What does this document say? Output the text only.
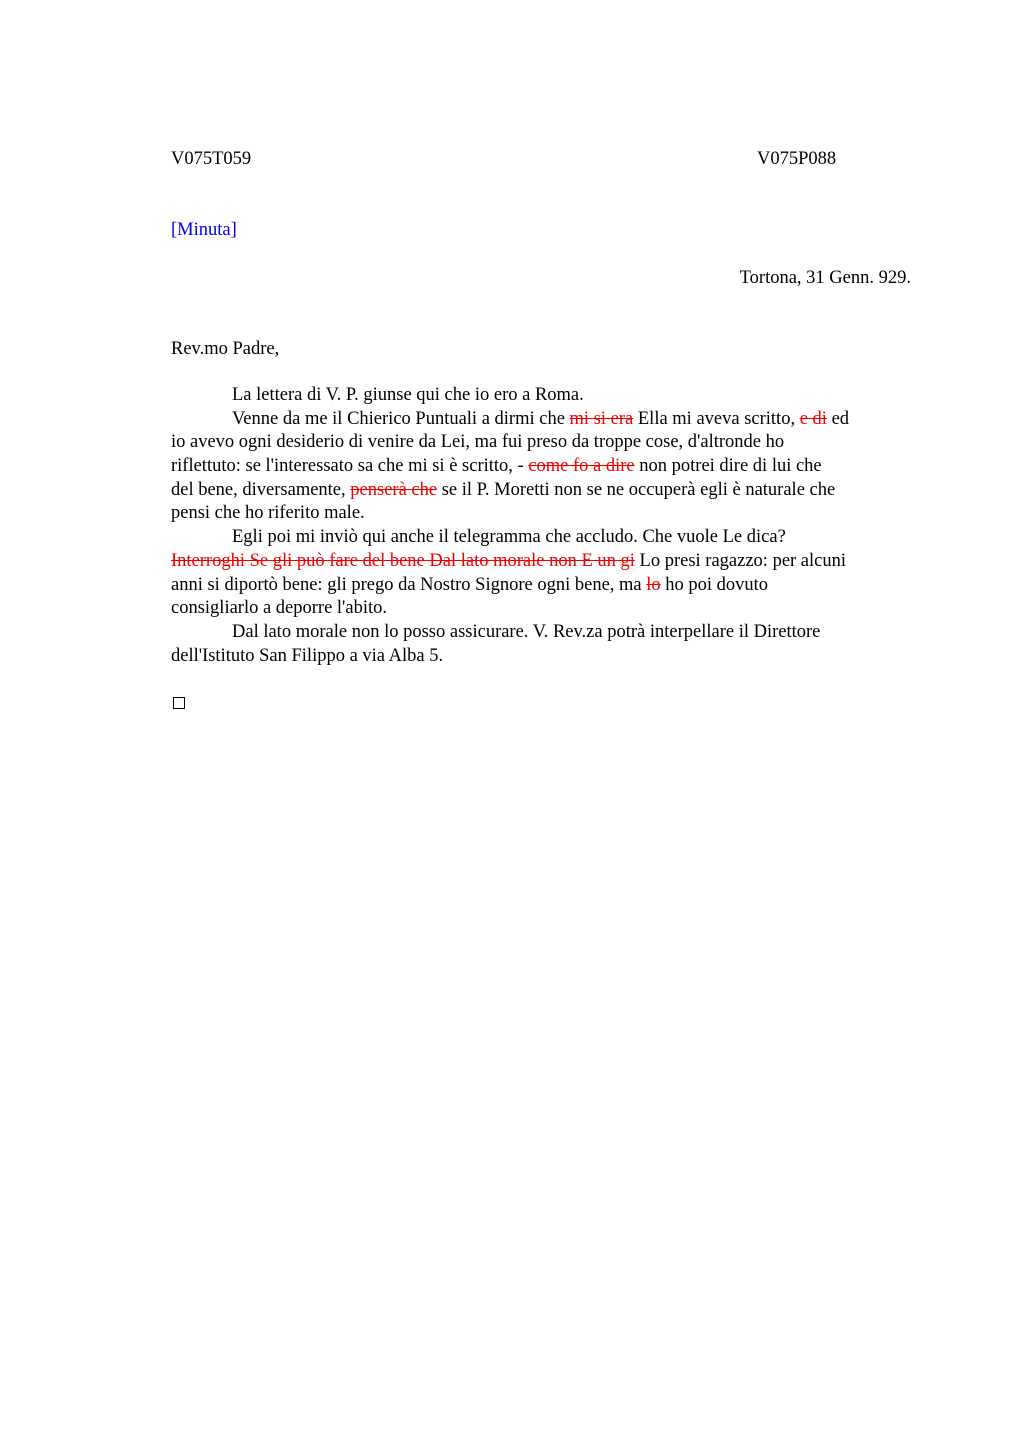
V075T059	V075P088
[Minuta]
Tortona, 31 Genn. 929.
Rev.mo Padre,
La lettera di V. P. giunse qui che io ero a Roma.
Venne da me il Chierico Puntuali a dirmi che mi si era Ella mi aveva scritto, e di ed
io avevo ogni desiderio di venire da Lei, ma fui preso da troppe cose, d'altronde ho
riflettuto: se l'interessato sa che mi si è scritto, - come fo a dire non potrei dire di lui che
del bene, diversamente, penserà che se il P. Moretti non se ne occuperà egli è naturale che
pensi che ho riferito male.
Egli poi mi inviò qui anche il telegramma che accludo. Che vuole Le dica?
Interroghi Se gli può fare del bene Dal lato morale non E un gi Lo presi ragazzo: per alcuni
anni si diportò bene: gli prego da Nostro Signore ogni bene, ma lo ho poi dovuto
consigliarlo a deporre l'abito.
Dal lato morale non lo posso assicurare. V. Rev.za potrà interpellare il Direttore
dell'Istituto San Filippo a via Alba 5.
